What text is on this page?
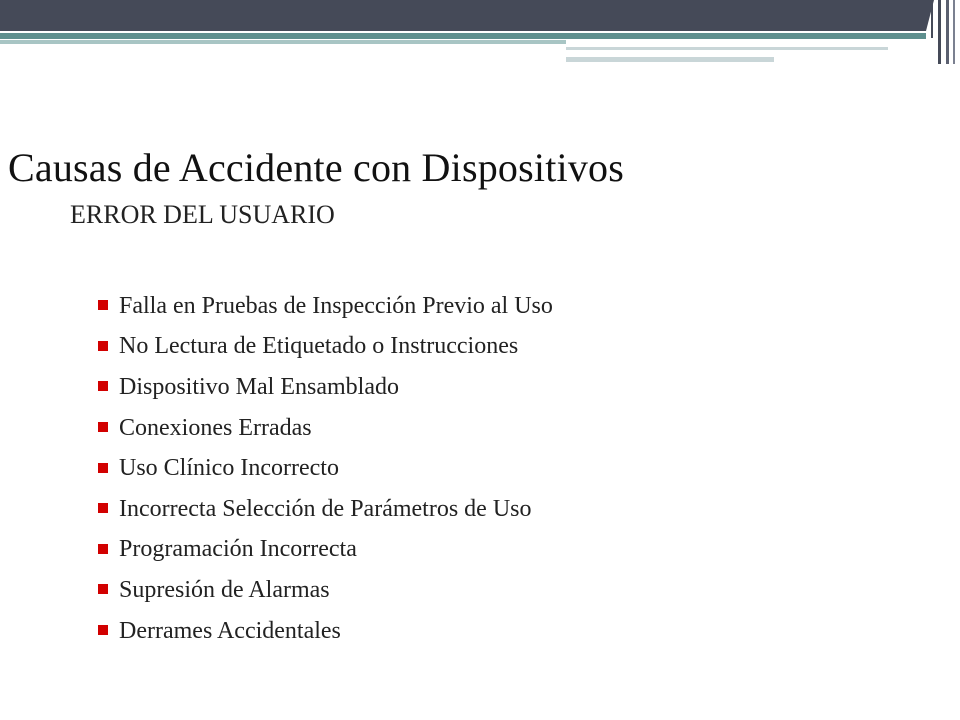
Causas de Accidente con Dispositivos
ERROR DEL USUARIO
Falla en Pruebas de Inspección Previo al Uso
No Lectura de Etiquetado o Instrucciones
Dispositivo Mal Ensamblado
Conexiones Erradas
Uso Clínico Incorrecto
Incorrecta Selección de Parámetros de Uso
Programación Incorrecta
Supresión de Alarmas
Derrames Accidentales
